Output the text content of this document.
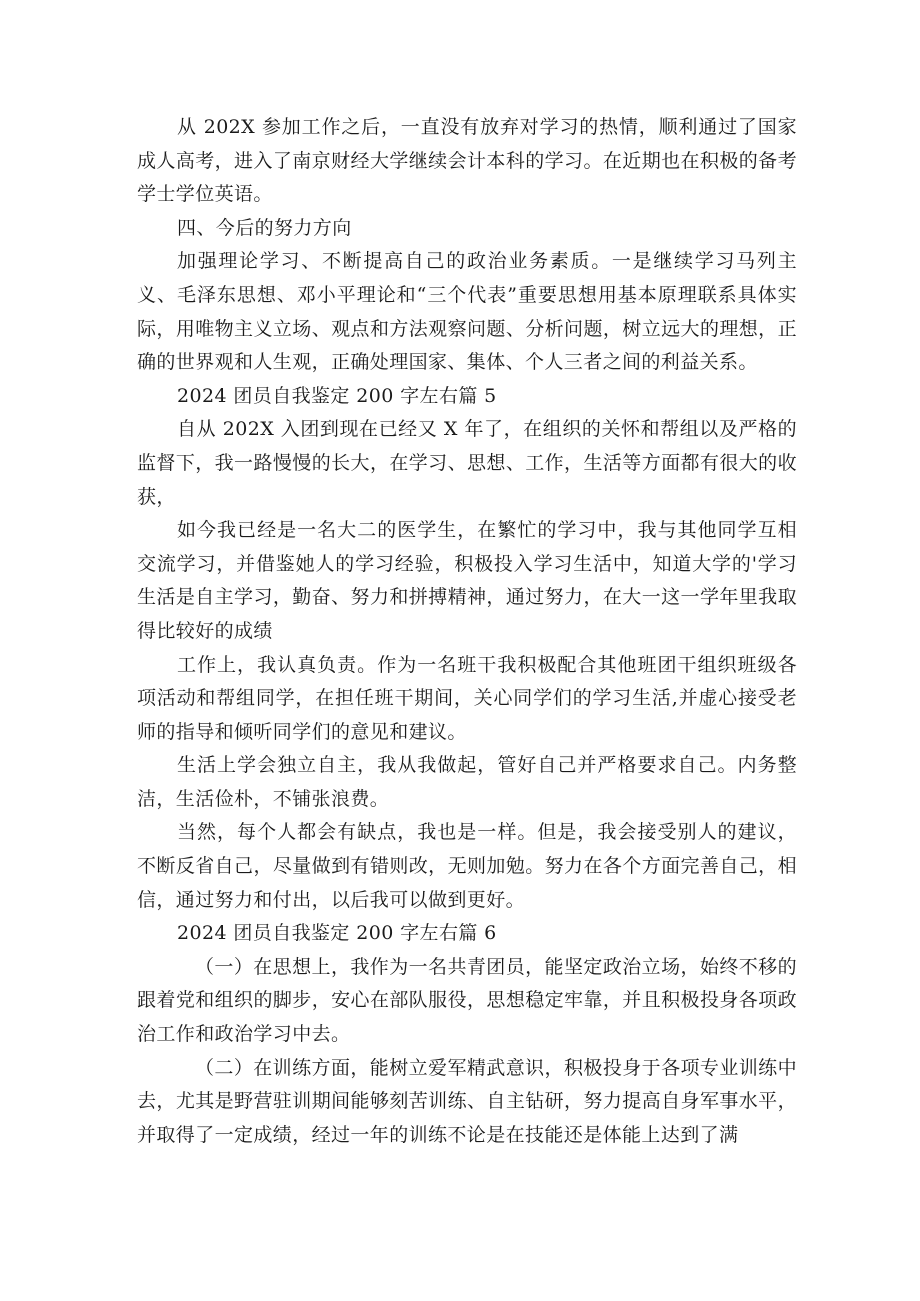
从 202X 参加工作之后，一直没有放弃对学习的热情，顺利通过了国家成人高考，进入了南京财经大学继续会计本科的学习。在近期也在积极的备考学士学位英语。

四、今后的努力方向

加强理论学习、不断提高自己的政治业务素质。一是继续学习马列主义、毛泽东思想、邓小平理论和“三个代表”重要思想用基本原理联系具体实际，用唯物主义立场、观点和方法观察问题、分析问题，树立远大的理想，正确的世界观和人生观，正确处理国家、集体、个人三者之间的利益关系。

2024 团员自我鉴定 200 字左右篇 5

自从 202X 入团到现在已经又 X 年了，在组织的关怀和帮组以及严格的监督下，我一路慢慢的长大，在学习、思想、工作，生活等方面都有很大的收获，

如今我已经是一名大二的医学生，在繁忙的学习中，我与其他同学互相交流学习，并借鉴她人的学习经验，积极投入学习生活中，知道大学的'学习生活是自主学习，勤奋、努力和拼搏精神，通过努力，在大一这一学年里我取得比较好的成绩

工作上，我认真负责。作为一名班干我积极配合其他班团干组织班级各项活动和帮组同学，在担任班干期间，关心同学们的学习生活,并虚心接受老师的指导和倾听同学们的意见和建议。

生活上学会独立自主，我从我做起，管好自己并严格要求自己。内务整洁，生活俭朴，不铺张浪费。

当然，每个人都会有缺点，我也是一样。但是，我会接受别人的建议，不断反省自己，尽量做到有错则改，无则加勉。努力在各个方面完善自己，相信，通过努力和付出，以后我可以做到更好。

2024 团员自我鉴定 200 字左右篇 6

（一）在思想上，我作为一名共青团员，能坚定政治立场，始终不移的跟着党和组织的脚步，安心在部队服役，思想稳定牢靠，并且积极投身各项政治工作和政治学习中去。

（二）在训练方面，能树立爱军精武意识，积极投身于各项专业训练中去，尤其是野营驻训期间能够刻苦训练、自主钻研，努力提高自身军事水平，并取得了一定成绩，经过一年的训练不论是在技能还是体能上达到了满
